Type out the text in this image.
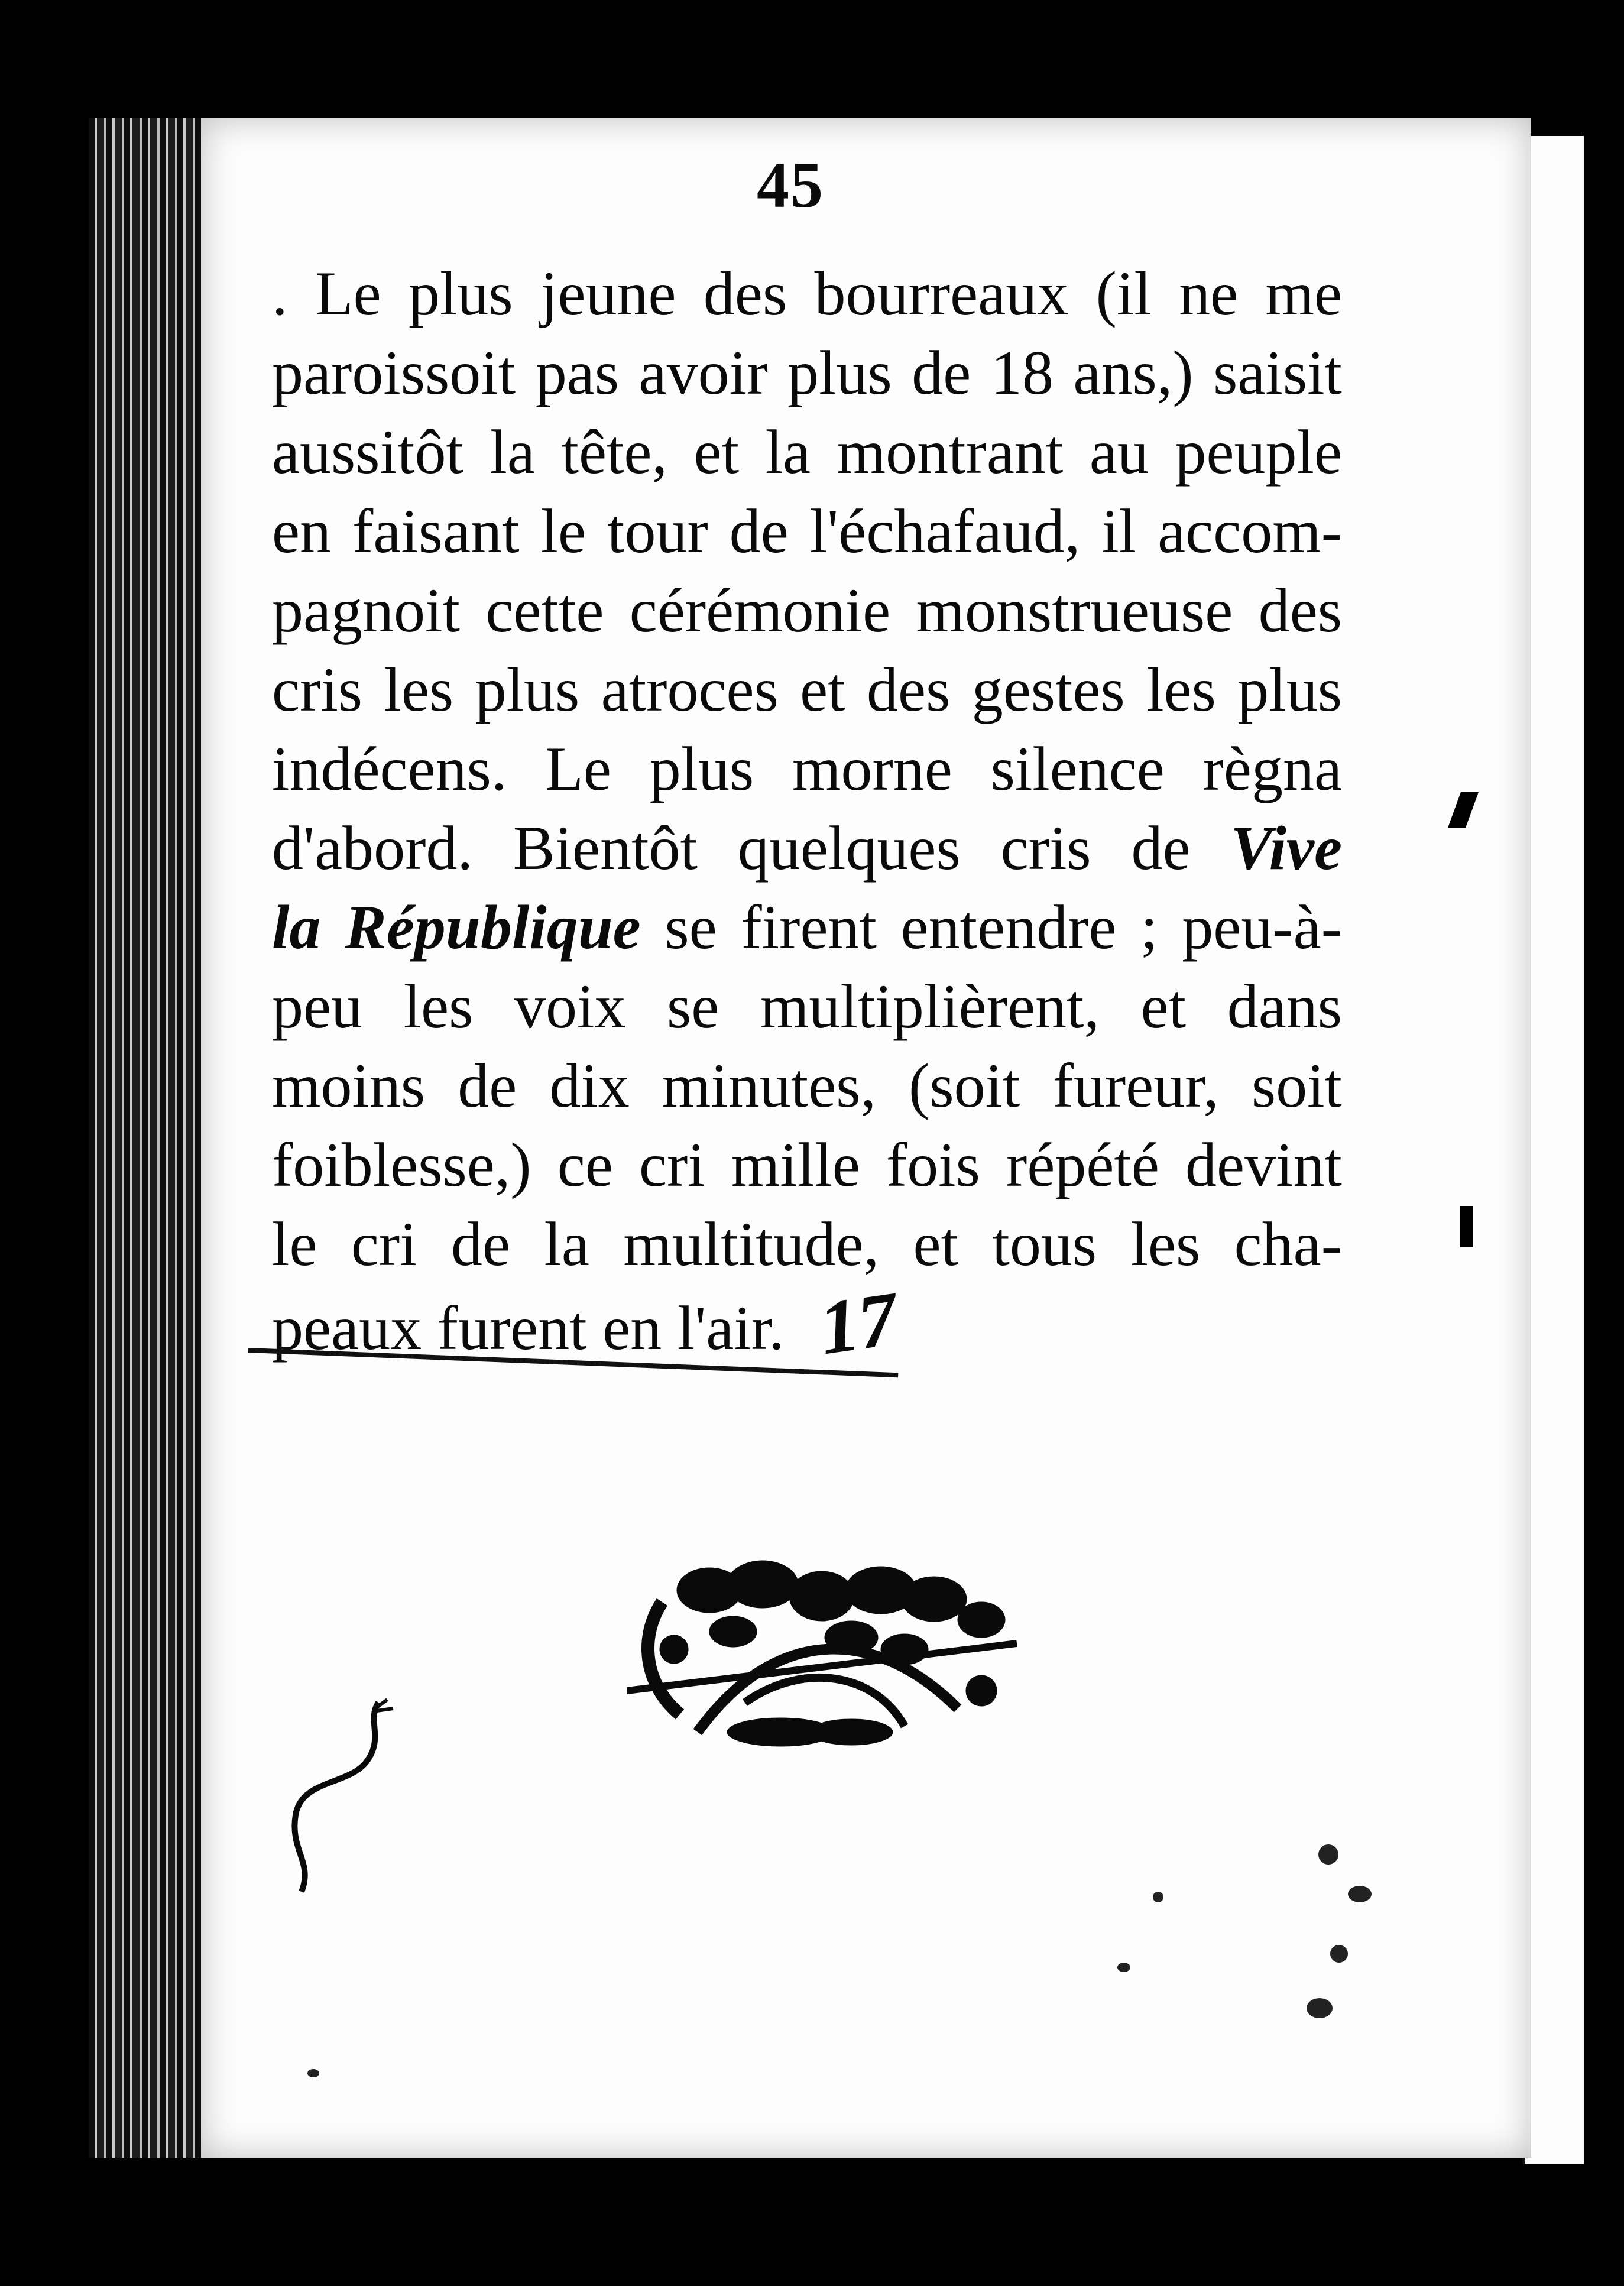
45
. Le plus jeune des bourreaux (il ne me
paroissoit pas avoir plus de 18 ans,) saisit
aussitôt la tête, et la montrant au peuple
en faisant le tour de l'échafaud, il accom-
pagnoit cette cérémonie monstrueuse des
cris les plus atroces et des gestes les plus
indécens. Le plus morne silence règna
d'abord. Bientôt quelques cris de Vive
la République se firent entendre ; peu-à-
peu les voix se multiplièrent, et dans
moins de dix minutes, (soit fureur, soit
foiblesse,) ce cri mille fois répété devint
le cri de la multitude, et tous les cha-
peaux furent en l'air. 17
